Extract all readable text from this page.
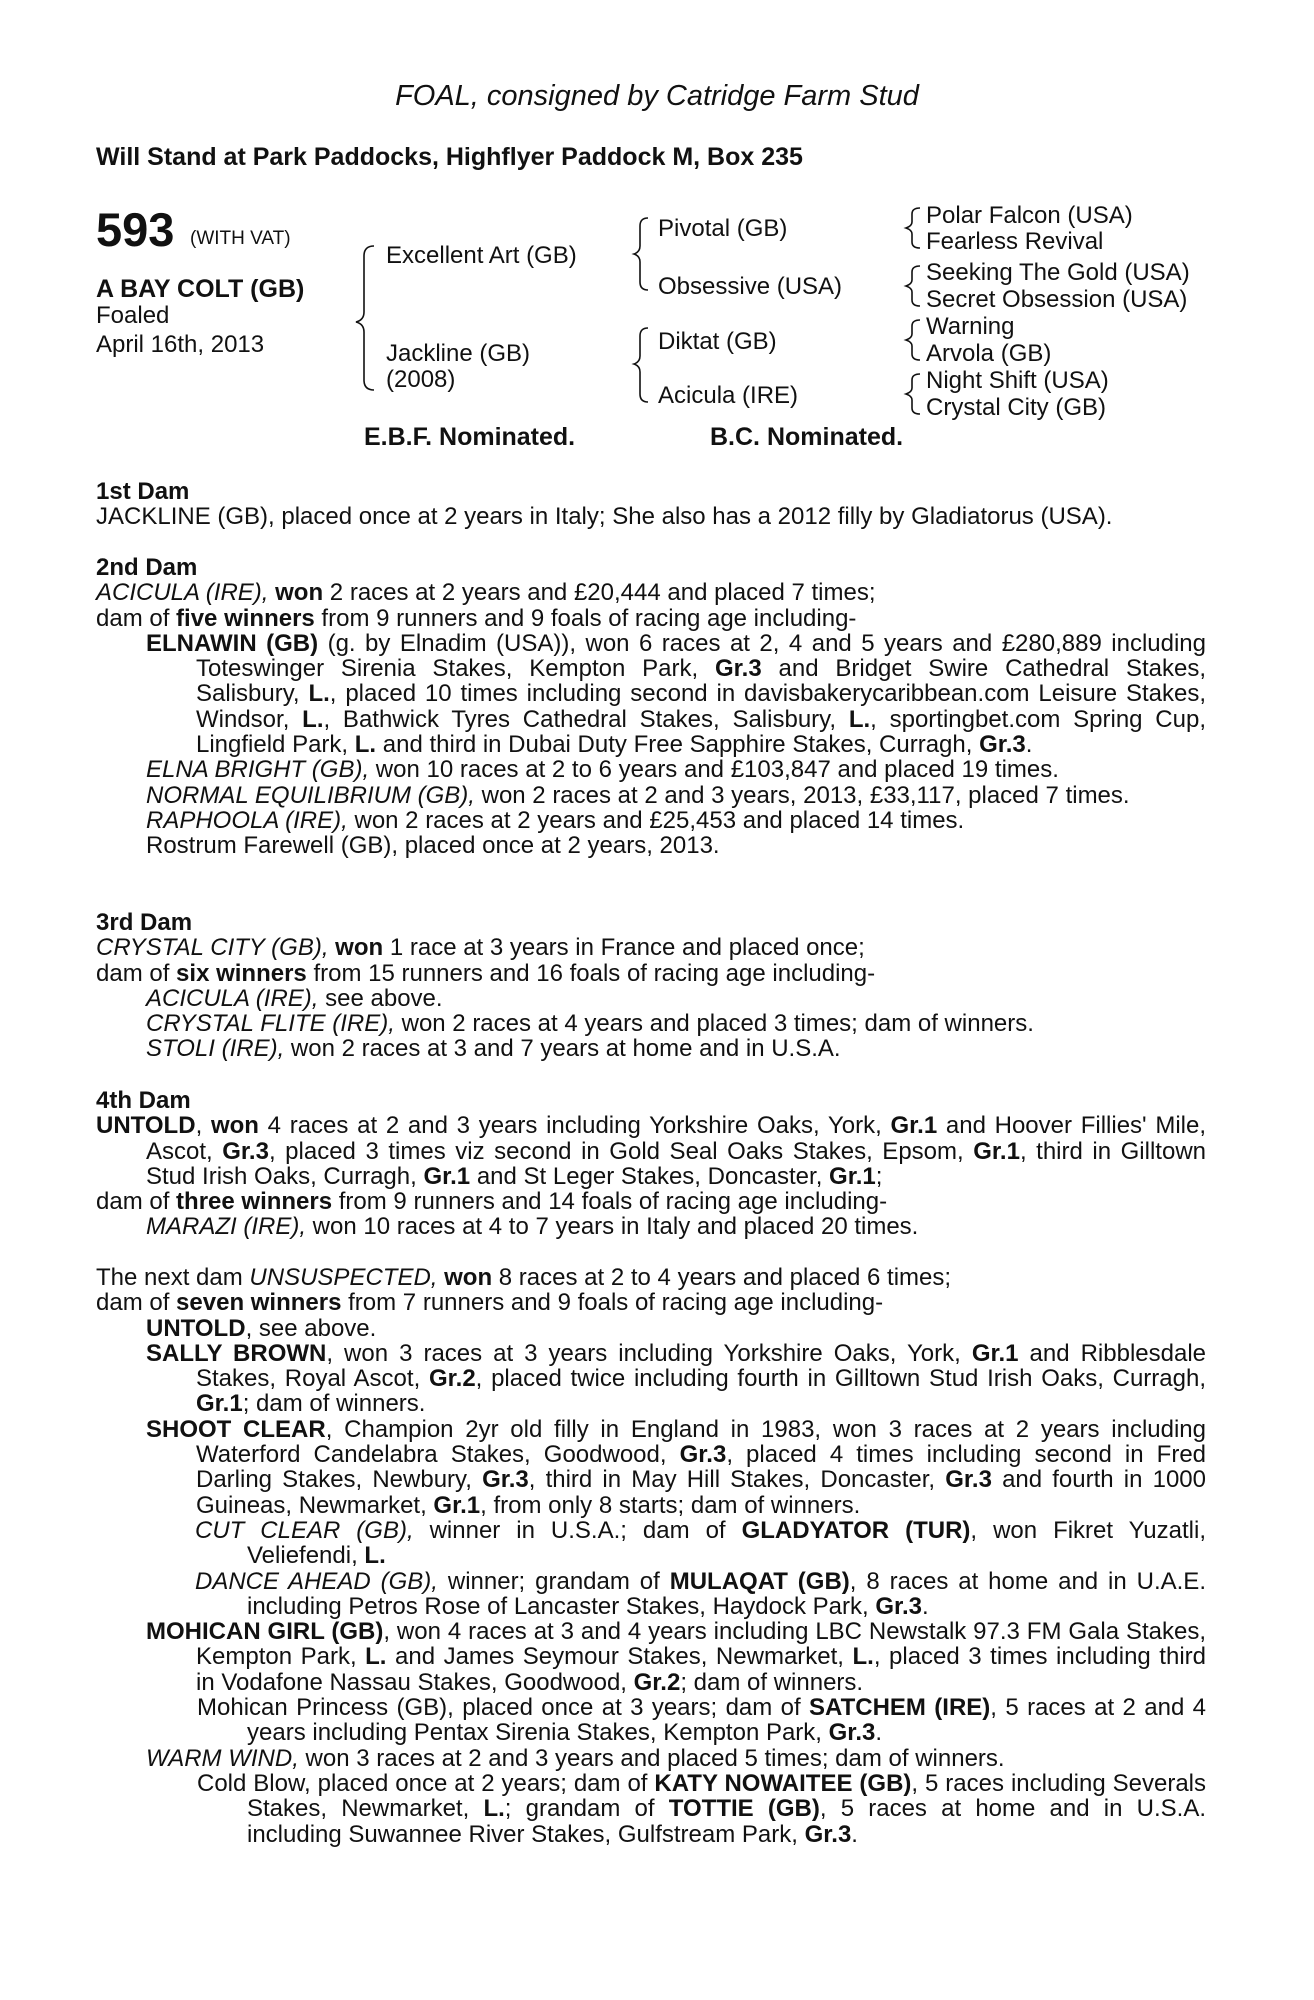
FOAL, consigned by Catridge Farm Stud
Will Stand at Park Paddocks, Highflyer Paddock M, Box 235
593 (WITH VAT)
A BAY COLT (GB)
Foaled
April 16th, 2013
Excellent Art (GB)
Jackline (GB)
(2008)
Pivotal (GB)
Obsessive (USA)
Diktat (GB)
Acicula (IRE)
Polar Falcon (USA)
Fearless Revival
Seeking The Gold (USA)
Secret Obsession (USA)
Warning
Arvola (GB)
Night Shift (USA)
Crystal City (GB)
E.B.F. Nominated.	B.C. Nominated.

1st Dam

JACKLINE (GB), placed once at 2 years in Italy; She also has a 2012 filly by Gladiatorus (USA).

2nd Dam

ACICULA (IRE), won 2 races at 2 years and £20,444 and placed 7 times;

dam of five winners from 9 runners and 9 foals of racing age including-

ELNAWIN (GB) (g. by Elnadim (USA)), won 6 races at 2, 4 and 5 years and £280,889 including Toteswinger Sirenia Stakes, Kempton Park, Gr.3 and Bridget Swire Cathedral Stakes, Salisbury, L., placed 10 times including second in davisbakerycaribbean.com Leisure Stakes, Windsor, L., Bathwick Tyres Cathedral Stakes, Salisbury, L., sportingbet.com Spring Cup, Lingfield Park, L. and third in Dubai Duty Free Sapphire Stakes, Curragh, Gr.3.

ELNA BRIGHT (GB), won 10 races at 2 to 6 years and £103,847 and placed 19 times.

NORMAL EQUILIBRIUM (GB), won 2 races at 2 and 3 years, 2013, £33,117, placed 7 times.

RAPHOOLA (IRE), won 2 races at 2 years and £25,453 and placed 14 times.

Rostrum Farewell (GB), placed once at 2 years, 2013.

3rd Dam

CRYSTAL CITY (GB), won 1 race at 3 years in France and placed once;

dam of six winners from 15 runners and 16 foals of racing age including-

ACICULA (IRE), see above.

CRYSTAL FLITE (IRE), won 2 races at 4 years and placed 3 times; dam of winners.

STOLI (IRE), won 2 races at 3 and 7 years at home and in U.S.A.

4th Dam

UNTOLD, won 4 races at 2 and 3 years including Yorkshire Oaks, York, Gr.1 and Hoover Fillies' Mile, Ascot, Gr.3, placed 3 times viz second in Gold Seal Oaks Stakes, Epsom, Gr.1, third in Gilltown Stud Irish Oaks, Curragh, Gr.1 and St Leger Stakes, Doncaster, Gr.1;

dam of three winners from 9 runners and 14 foals of racing age including-

MARAZI (IRE), won 10 races at 4 to 7 years in Italy and placed 20 times.

The next dam UNSUSPECTED, won 8 races at 2 to 4 years and placed 6 times;

dam of seven winners from 7 runners and 9 foals of racing age including-

UNTOLD, see above.

SALLY BROWN, won 3 races at 3 years including Yorkshire Oaks, York, Gr.1 and Ribblesdale Stakes, Royal Ascot, Gr.2, placed twice including fourth in Gilltown Stud Irish Oaks, Curragh, Gr.1; dam of winners.

SHOOT CLEAR, Champion 2yr old filly in England in 1983, won 3 races at 2 years including Waterford Candelabra Stakes, Goodwood, Gr.3, placed 4 times including second in Fred Darling Stakes, Newbury, Gr.3, third in May Hill Stakes, Doncaster, Gr.3 and fourth in 1000 Guineas, Newmarket, Gr.1, from only 8 starts; dam of winners.

CUT CLEAR (GB), winner in U.S.A.; dam of GLADYATOR (TUR), won Fikret Yuzatli, Veliefendi, L.

DANCE AHEAD (GB), winner; grandam of MULAQAT (GB), 8 races at home and in U.A.E. including Petros Rose of Lancaster Stakes, Haydock Park, Gr.3.

MOHICAN GIRL (GB), won 4 races at 3 and 4 years including LBC Newstalk 97.3 FM Gala Stakes, Kempton Park, L. and James Seymour Stakes, Newmarket, L., placed 3 times including third in Vodafone Nassau Stakes, Goodwood, Gr.2; dam of winners.

Mohican Princess (GB), placed once at 3 years; dam of SATCHEM (IRE), 5 races at 2 and 4 years including Pentax Sirenia Stakes, Kempton Park, Gr.3.

WARM WIND, won 3 races at 2 and 3 years and placed 5 times; dam of winners.

Cold Blow, placed once at 2 years; dam of KATY NOWAITEE (GB), 5 races including Severals Stakes, Newmarket, L.; grandam of TOTTIE (GB), 5 races at home and in U.S.A. including Suwannee River Stakes, Gulfstream Park, Gr.3.
